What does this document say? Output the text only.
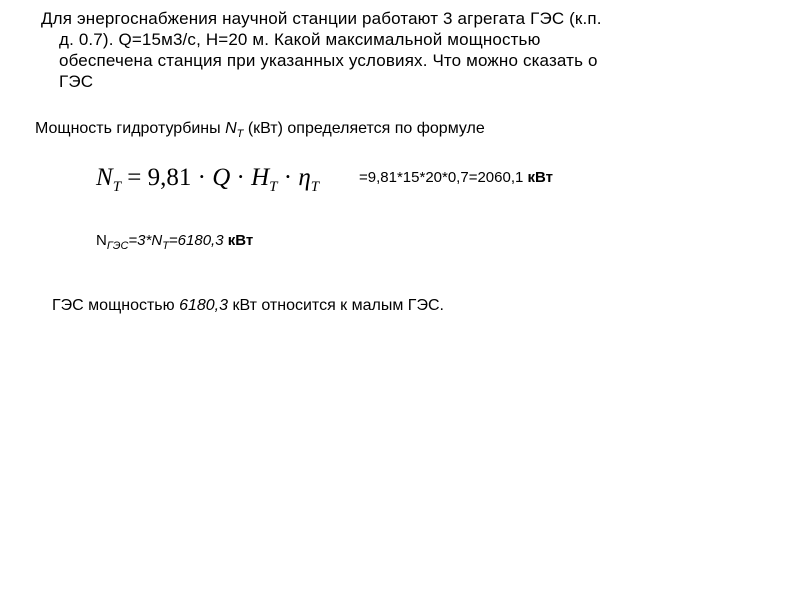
Для энергоснабжения научной станции работают 3 агрегата ГЭС (к.п.
д. 0.7). Q=15м3/с, Н=20 м. Какой максимальной мощностью
обеспечена станция при указанных условиях. Что можно сказать о
ГЭС
Мощность гидротурбины $N_Т$ (кВт) определяется по формуле
$N_T = 9,81 \cdot Q \cdot H_T \cdot \eta_T$
=9,81*15*20*0,7=2060,1 кВт
$N_{ГЭС}=3*N_Т=6180,3$ кВт
ГЭС мощностью 6180,3 кВт относится к малым ГЭС.
